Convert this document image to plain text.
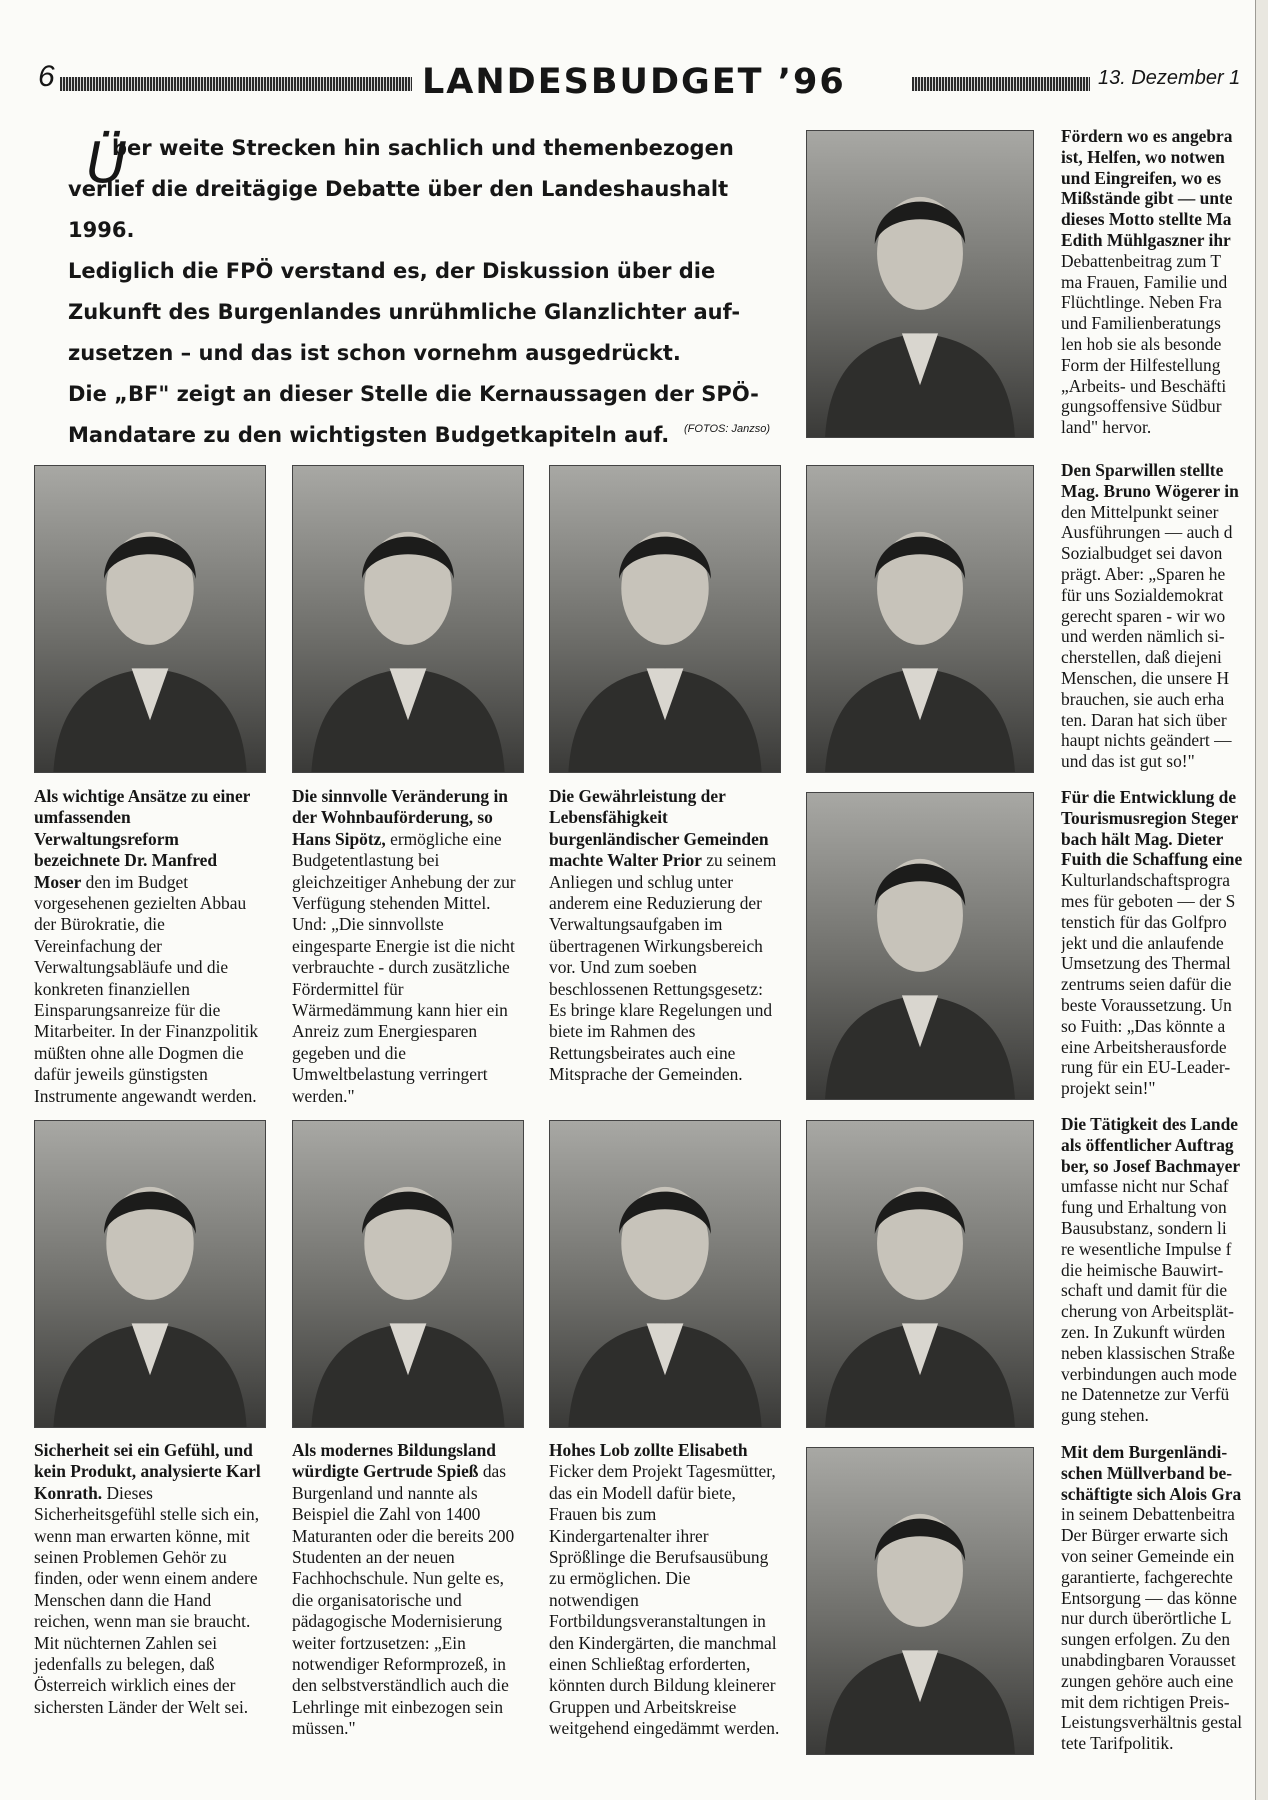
6	LANDESBUDGET ’96	13. Dezember 1
Ü
ber weite Strecken hin sachlich und themenbezogen
verlief die dreitägige Debatte über den Landeshaushalt 1996.
Lediglich die FPÖ verstand es, der Diskussion über die
Zukunft des Burgenlandes unrühmliche Glanzlichter auf-
zusetzen – und das ist schon vornehm ausgedrückt.
Die „BF" zeigt an dieser Stelle die Kernaussagen der SPÖ-
Mandatare zu den wichtigsten Budgetkapiteln auf.	(FOTOS: Janzso)

Als wichtige Ansätze zu einer umfassenden Verwaltungsreform bezeichnete Dr. Manfred Moser den im Budget vorgesehenen gezielten Abbau der Bürokratie, die Vereinfachung der Verwaltungsabläufe und die konkreten finanziellen Einsparungsanreize für die Mitarbeiter. In der Finanzpolitik müßten ohne alle Dogmen die dafür jeweils günstigsten Instrumente angewandt werden.

Die sinnvolle Veränderung in der Wohnbauförderung, so Hans Sipötz, ermögliche eine Budgetentlastung bei gleichzeitiger Anhebung der zur Verfügung stehenden Mittel. Und: „Die sinnvollste eingesparte Energie ist die nicht verbrauchte - durch zusätzliche Fördermittel für Wärmedämmung kann hier ein Anreiz zum Energiesparen gegeben und die Umweltbelastung verringert werden."

Die Gewährleistung der Lebensfähigkeit burgenländischer Gemeinden machte Walter Prior zu seinem Anliegen und schlug unter anderem eine Reduzierung der Verwaltungsaufgaben im übertragenen Wirkungsbereich vor. Und zum soeben beschlossenen Rettungsgesetz: Es bringe klare Regelungen und biete im Rahmen des Rettungsbeirates auch eine Mitsprache der Gemeinden.

Sicherheit sei ein Gefühl, und kein Produkt, analysierte Karl Konrath. Dieses Sicherheitsgefühl stelle sich ein, wenn man erwarten könne, mit seinen Problemen Gehör zu finden, oder wenn einem andere Menschen dann die Hand reichen, wenn man sie braucht. Mit nüchternen Zahlen sei jedenfalls zu belegen, daß Österreich wirklich eines der sichersten Länder der Welt sei.

Als modernes Bildungsland würdigte Gertrude Spieß das Burgenland und nannte als Beispiel die Zahl von 1400 Maturanten oder die bereits 200 Studenten an der neuen Fachhochschule. Nun gelte es, die organisatorische und pädagogische Modernisierung weiter fortzusetzen: „Ein notwendiger Reformprozeß, in den selbstverständlich auch die Lehrlinge mit einbezogen sein müssen."

Hohes Lob zollte Elisabeth Ficker dem Projekt Tagesmütter, das ein Modell dafür biete, Frauen bis zum Kindergartenalter ihrer Sprößlinge die Berufsausübung zu ermöglichen. Die notwendigen Fortbildungsveranstaltungen in den Kindergärten, die manchmal einen Schließtag erforderten, könnten durch Bildung kleinerer Gruppen und Arbeitskreise weitgehend eingedämmt werden.

Fördern wo es angebra
ist, Helfen, wo notwen
und Eingreifen, wo es
Mißstände gibt — unte
dieses Motto stellte Ma
Edith Mühlgaszner ihr
Debattenbeitrag zum T
ma Frauen, Familie und
Flüchtlinge. Neben Fra
und Familienberatungs
len hob sie als besonde
Form der Hilfestellung
„Arbeits- und Beschäfti
gungsoffensive Südbur
land" hervor.
Den Sparwillen stellte
Mag. Bruno Wögerer in
den Mittelpunkt seiner
Ausführungen — auch d
Sozialbudget sei davon
prägt. Aber: „Sparen he
für uns Sozialdemokrat
gerecht sparen - wir wo
und werden nämlich si-
cherstellen, daß diejeni
Menschen, die unsere H
brauchen, sie auch erha
ten. Daran hat sich über
haupt nichts geändert —
und das ist gut so!"
Für die Entwicklung de
Tourismusregion Steger
bach hält Mag. Dieter
Fuith die Schaffung eine
Kulturlandschaftsprogra
mes für geboten — der S
tenstich für das Golfpro
jekt und die anlaufende
Umsetzung des Thermal
zentrums seien dafür die
beste Voraussetzung. Un
so Fuith: „Das könnte a
eine Arbeitsherausforde
rung für ein EU-Leader-
projekt sein!"
Die Tätigkeit des Lande
als öffentlicher Auftrag
ber, so Josef Bachmayer
umfasse nicht nur Schaf
fung und Erhaltung von
Bausubstanz, sondern li
re wesentliche Impulse f
die heimische Bauwirt-
schaft und damit für die
cherung von Arbeitsplät-
zen. In Zukunft würden
neben klassischen Straße
verbindungen auch mode
ne Datennetze zur Verfü
gung stehen.
Mit dem Burgenländi-
schen Müllverband be-
schäftigte sich Alois Gra
in seinem Debattenbeitra
Der Bürger erwarte sich
von seiner Gemeinde ein
garantierte, fachgerechte
Entsorgung — das könne
nur durch überörtliche L
sungen erfolgen. Zu den
unabdingbaren Vorausset
zungen gehöre auch eine
mit dem richtigen Preis-
Leistungsverhältnis gestal
tete Tarifpolitik.
